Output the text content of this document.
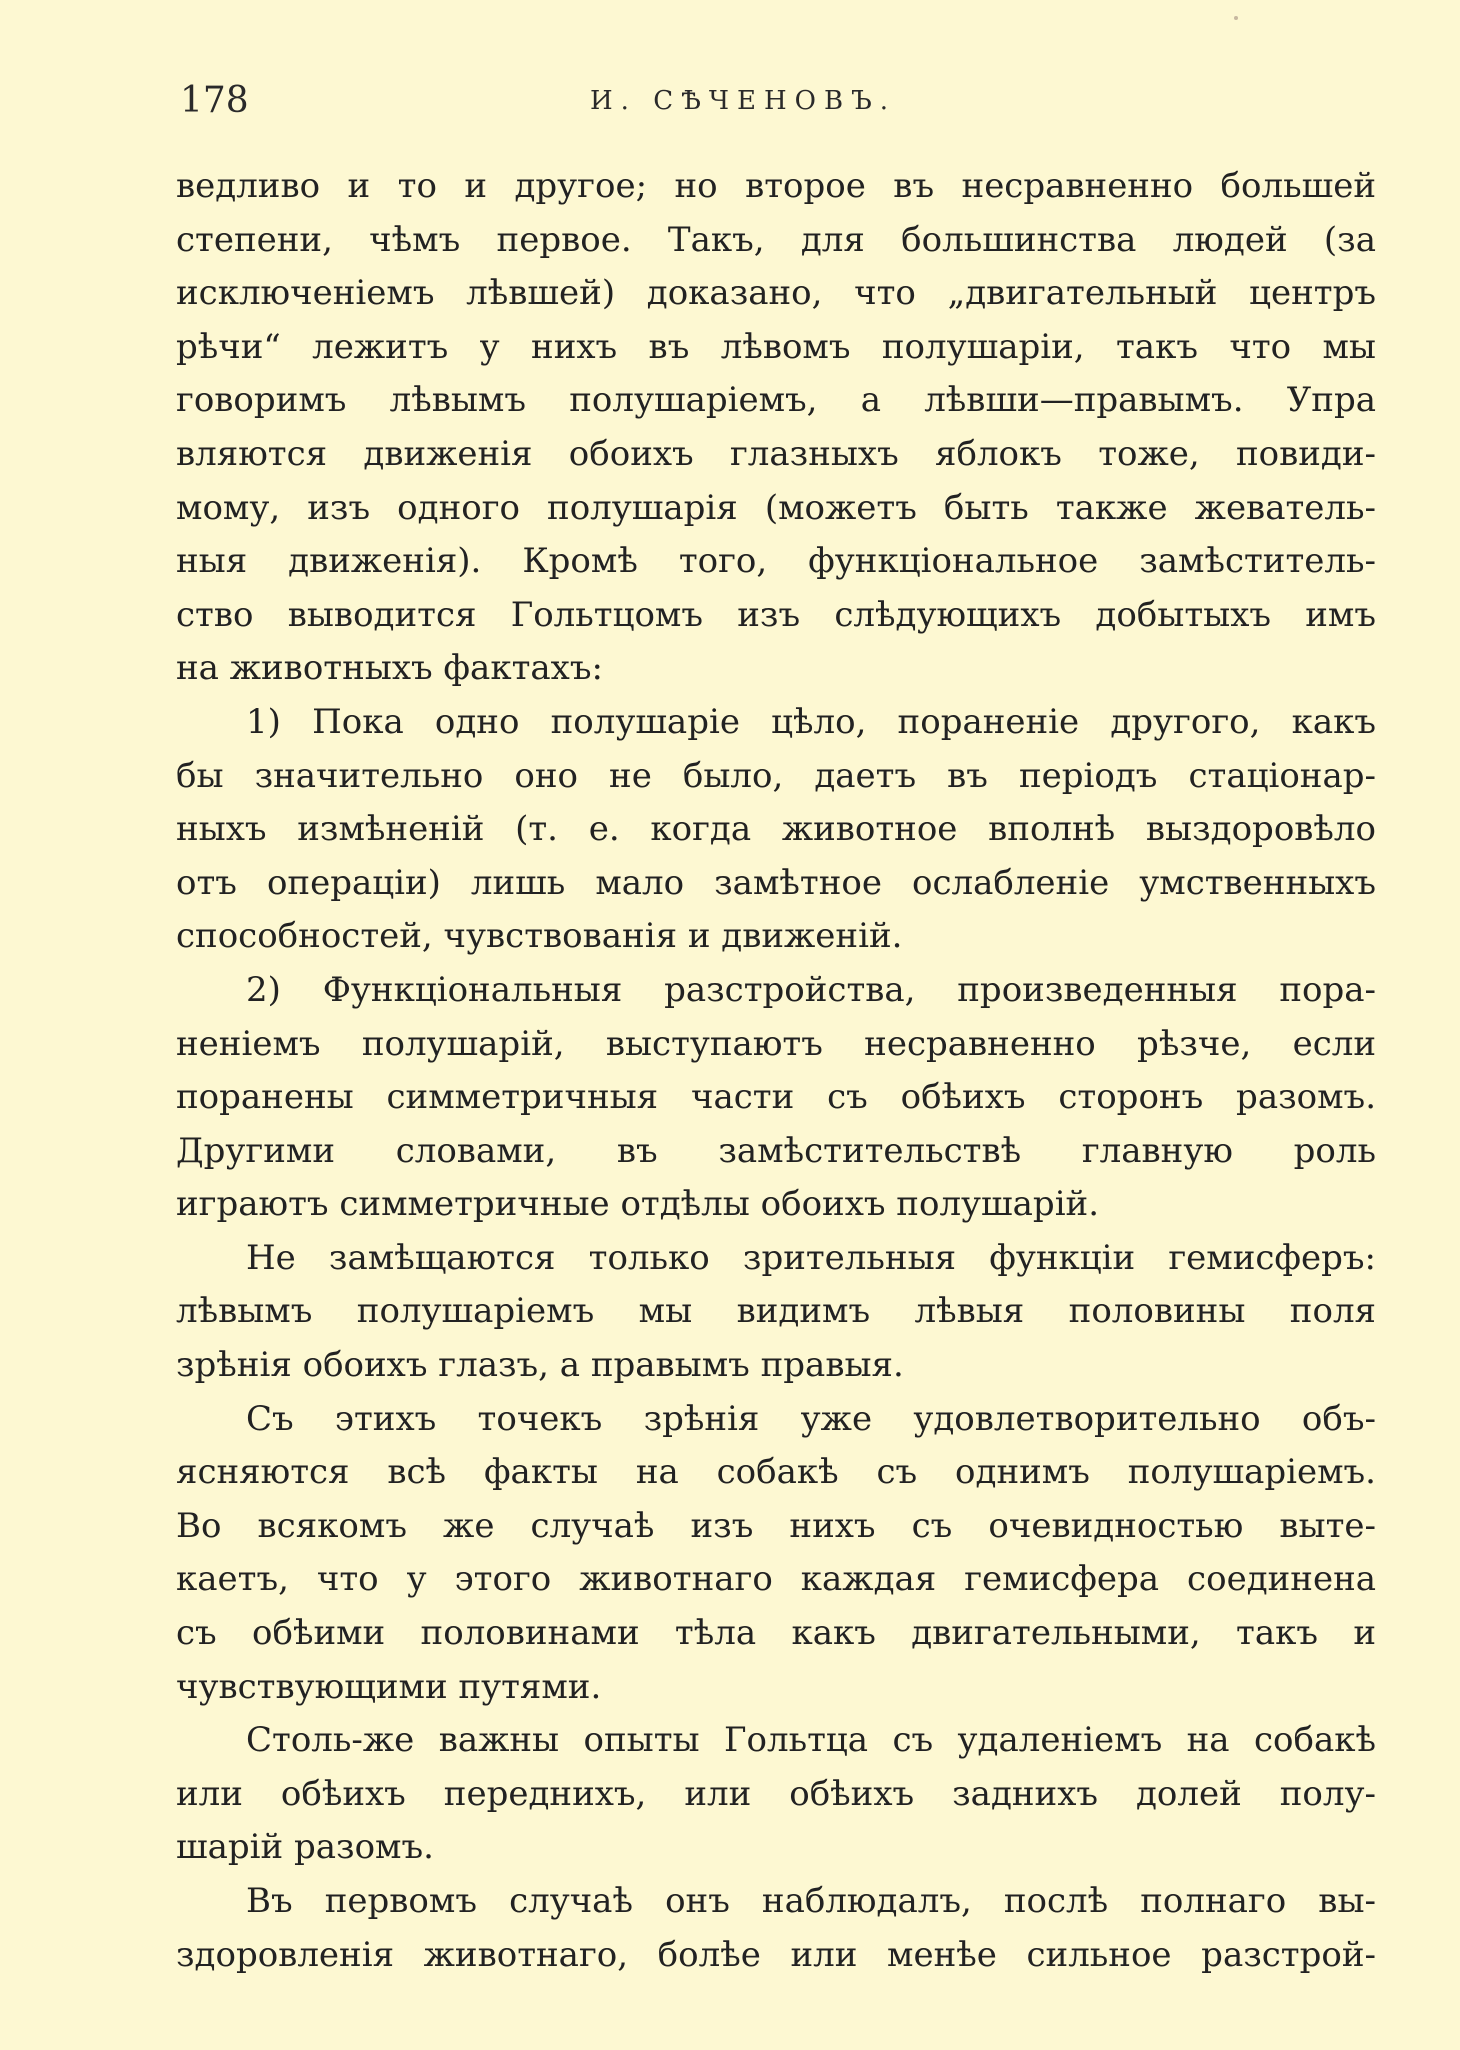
178	И. СѢЧЕНОВЪ.
ведливо и то и другое; но второе въ несравненно большей
степени, чѣмъ первое. Такъ, для большинства людей (за
исключеніемъ лѣвшей) доказано, что „двигательный центръ
рѣчи“ лежитъ у нихъ въ лѣвомъ полушаріи, такъ что мы
говоримъ лѣвымъ полушаріемъ, а лѣвши—правымъ. Упра
вляются движенія обоихъ глазныхъ яблокъ тоже, повиди-
мому, изъ одного полушарія (можетъ быть также жеватель-
ныя движенія). Кромѣ того, функціональное замѣститель-
ство выводится Гольтцомъ изъ слѣдующихъ добытыхъ имъ
на животныхъ фактахъ:
1) Пока одно полушаріе цѣло, пораненіе другого, какъ
бы значительно оно не было, даетъ въ періодъ стаціонар-
ныхъ измѣненій (т. е. когда животное вполнѣ выздоровѣло
отъ операціи) лишь мало замѣтное ослабленіе умственныхъ
способностей, чувствованія и движеній.
2) Функціональныя разстройства, произведенныя пора-
неніемъ полушарій, выступаютъ несравненно рѣзче, если
поранены симметричныя части съ обѣихъ сторонъ разомъ.
Другими словами, въ замѣстительствѣ главную роль
играютъ симметричные отдѣлы обоихъ полушарій.
Не замѣщаются только зрительныя функціи гемисферъ:
лѣвымъ полушаріемъ мы видимъ лѣвыя половины поля
зрѣнія обоихъ глазъ, а правымъ правыя.
Съ этихъ точекъ зрѣнія уже удовлетворительно объ-
ясняются всѣ факты на собакѣ съ однимъ полушаріемъ.
Во всякомъ же случаѣ изъ нихъ съ очевидностью выте-
каетъ, что у этого животнаго каждая гемисфера соединена
съ обѣими половинами тѣла какъ двигательными, такъ и
чувствующими путями.
Столь-же важны опыты Гольтца съ удаленіемъ на собакѣ
или обѣихъ переднихъ, или обѣихъ заднихъ долей полу-
шарій разомъ.
Въ первомъ случаѣ онъ наблюдалъ, послѣ полнаго вы-
здоровленія животнаго, болѣе или менѣе сильное разстрой-
